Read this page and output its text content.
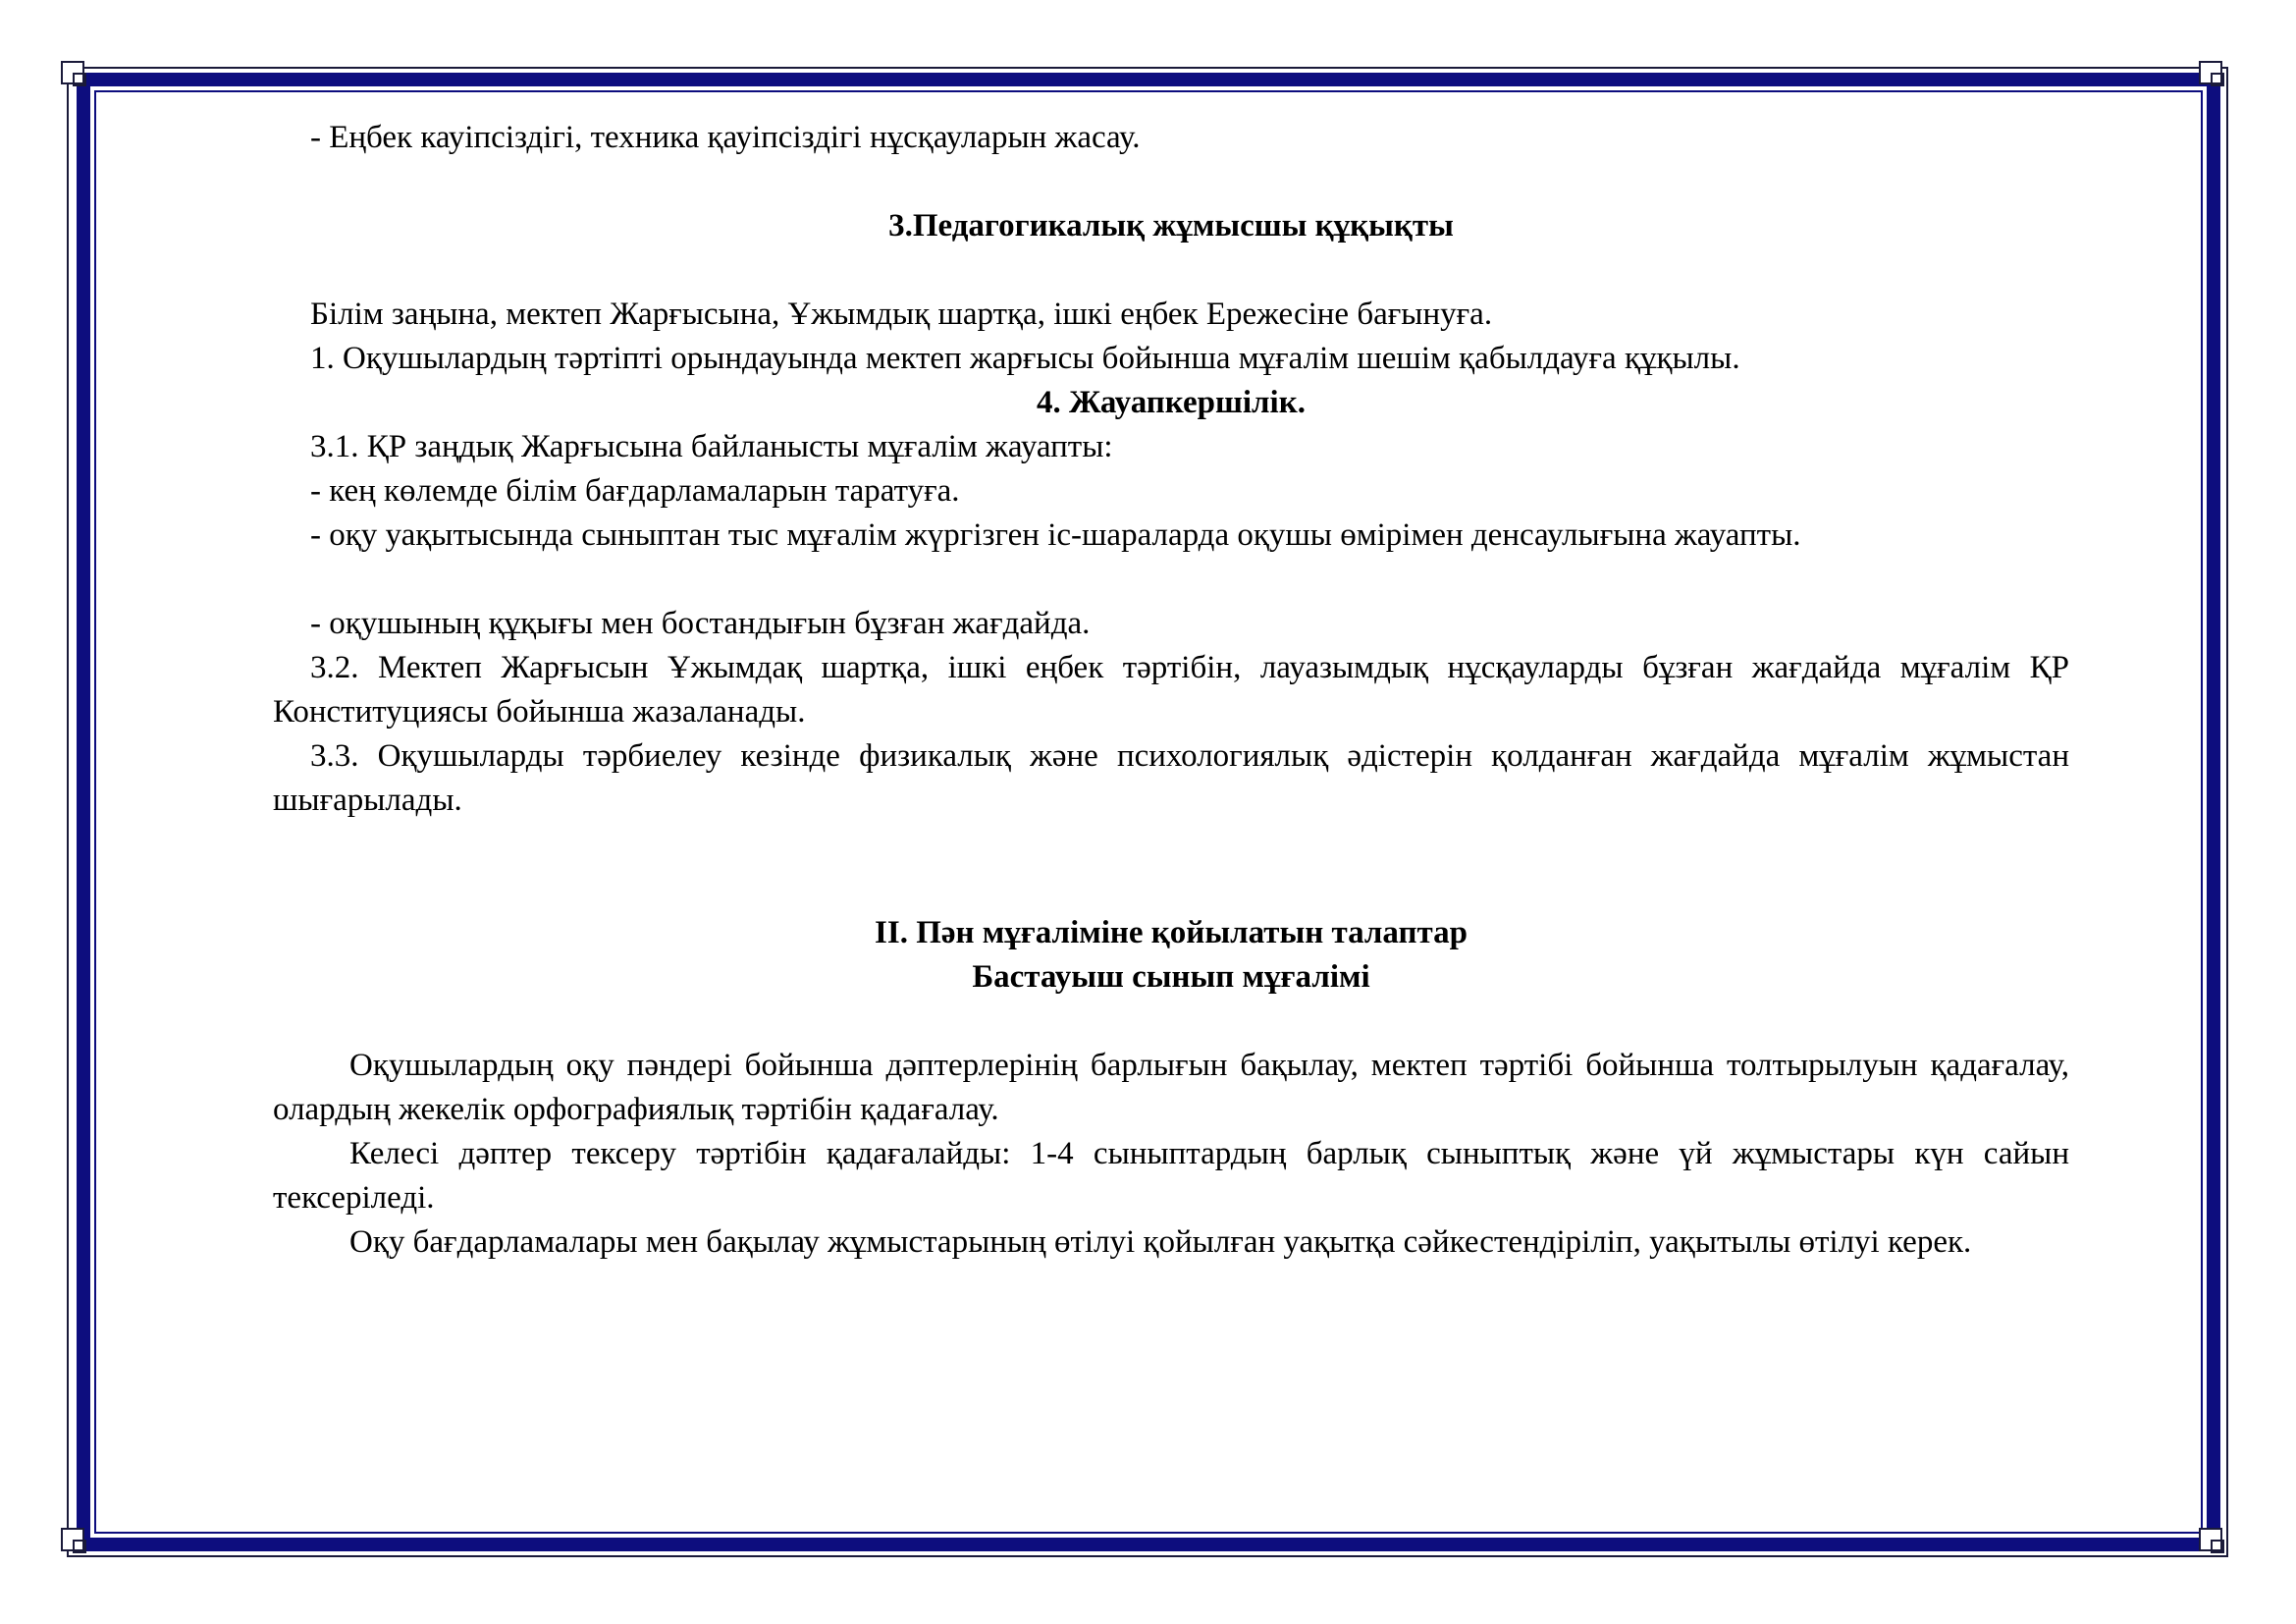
- Еңбек кауіпсіздігі, техника қауіпсіздігі нұсқауларын жасау.

3.Педагогикалық жұмысшы құқықты

Білім заңына, мектеп Жарғысына, Ұжымдық шартқа, ішкі еңбек Ережесіне бағынуға.

1. Оқушылардың тәртіпті орындауында мектеп жарғысы бойынша мұғалім шешім қабылдауға құқылы.

4. Жауапкершілік.

3.1. ҚР заңдық Жарғысына байланысты мұғалім жауапты:

- кең көлемде білім бағдарламаларын таратуға.

- оқу уақытысында сыныптан тыс мұғалім жүргізген іс-шараларда оқушы өмірімен денсаулығына жауапты.

- оқушының құқығы мен бостандығын бұзған жағдайда.

3.2. Мектеп Жарғысын Ұжымдақ шартқа, ішкі еңбек тәртібін, лауазымдық нұсқауларды бұзған жағдайда мұғалім ҚР Конституциясы бойынша жазаланады.

3.3. Оқушыларды тәрбиелеу кезінде физикалық және психологиялық әдістерін қолданған жағдайда мұғалім жұмыстан шығарылады.

ІІ. Пән мұғаліміне қойылатын талаптар

Бастауыш сынып мұғалімі

Оқушылардың оқу пәндері бойынша дәптерлерінің барлығын бақылау, мектеп тәртібі бойынша толтырылуын қадағалау, олардың жекелік орфографиялық тәртібін қадағалау.

Келесі дәптер тексеру тәртібін қадағалайды: 1-4 сыныптардың барлық сыныптық және үй жұмыстары күн сайын тексеріледі.

Оқу бағдарламалары мен бақылау жұмыстарының өтілуі қойылған уақытқа сәйкестендіріліп, уақытылы өтілуі керек.
